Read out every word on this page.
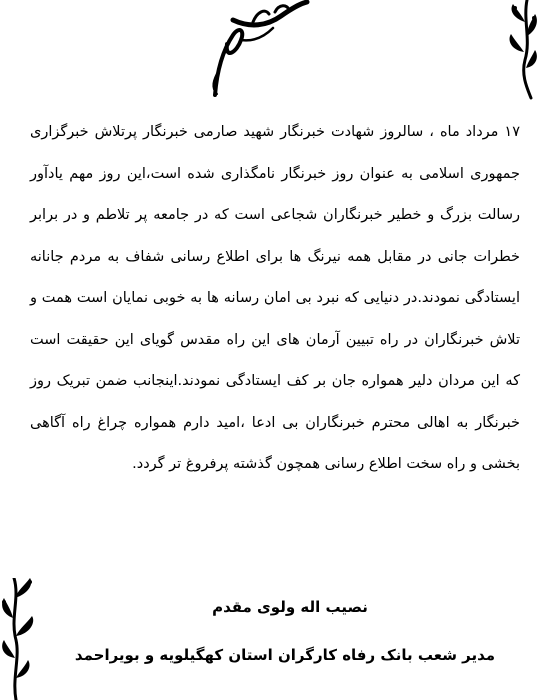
۱۷ مرداد ماه ، سالروز شهادت خبرنگار شهید صارمی خبرنگار پرتلاش خبرگزاری جمهوری اسلامی به عنوان روز خبرنگار نامگذاری شده است،این روز مهم یادآور رسالت بزرگ و خطیر خبرنگاران شجاعی است که در جامعه پر تلاطم و در برابر خطرات جانی در مقابل همه نیرنگ ها برای اطلاع رسانی شفاف به مردم جانانه ایستادگی نمودند.در دنیایی که نبرد بی امان رسانه ها به خوبی نمایان است همت و تلاش خبرنگاران در راه تبیین آرمان های این راه مقدس گویای این حقیقت است که این مردان دلیر همواره جان بر کف ایستادگی نمودند.اینجانب ضمن تبریک روز خبرنگار به اهالی محترم خبرنگاران بی ادعا ،امید دارم همواره چراغ راه آگاهی بخشی و راه سخت اطلاع رسانی همچون گذشته پرفروغ تر گردد.
نصیب اله ولوی مقدم
مدیر شعب بانک رفاه کارگران استان کهگیلویه و بویراحمد
